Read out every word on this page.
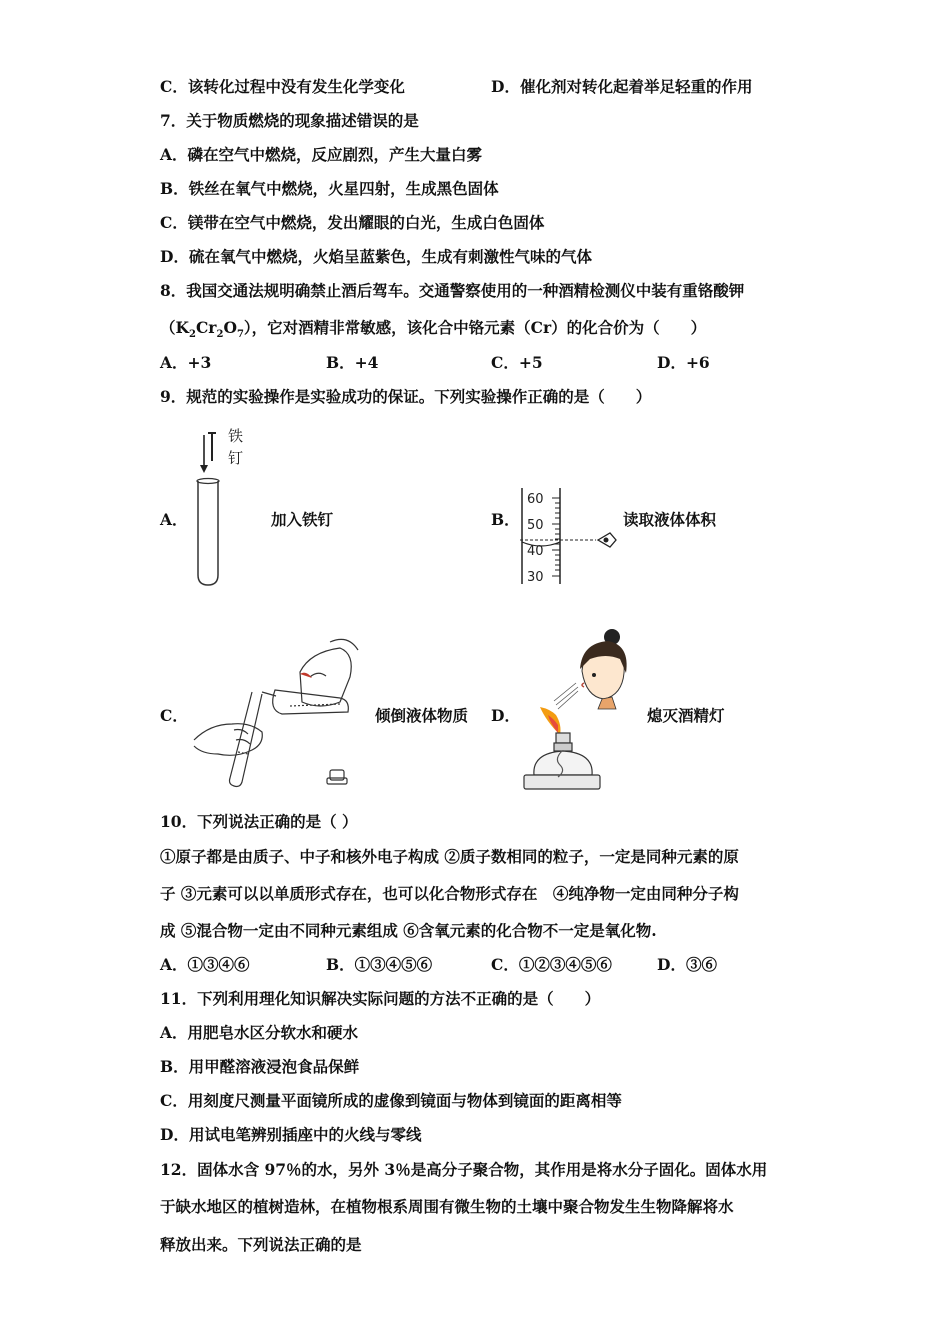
C．该转化过程中没有发生化学变化	D．催化剂对转化起着举足轻重的作用
7．关于物质燃烧的现象描述错误的是
A．磷在空气中燃烧，反应剧烈，产生大量白雾
B．铁丝在氧气中燃烧，火星四射，生成黑色固体
C．镁带在空气中燃烧，发出耀眼的白光，生成白色固体
D．硫在氧气中燃烧，火焰呈蓝紫色，生成有刺激性气味的气体
8．我国交通法规明确禁止酒后驾车。交通警察使用的一种酒精检测仪中装有重铬酸钾
$(K_2Cr_2O_7)$，它对酒精非常敏感，该化合中铬元素（Cr）的化合价为（　　）
A．+3	B．+4	C．+5	D．+6
9．规范的实验操作是实验成功的保证。下列实验操作正确的是（　　）
A．
铁
钉
加入铁钉	B．
60
50
40
30
读取液体体积
C．	倾倒液体物质 D．	熄灭酒精灯
10．下列说法正确的是（ ）
①原子都是由质子、中子和核外电子构成 ②质子数相同的粒子，一定是同种元素的原
子 ③元素可以以单质形式存在，也可以化合物形式存在　④纯净物一定由同种分子构
成 ⑤混合物一定由不同种元素组成 ⑥含氧元素的化合物不一定是氧化物.
A．①③④⑥	B．①③④⑤⑥	C．①②③④⑤⑥	D．③⑥
11．下列利用理化知识解决实际问题的方法不正确的是（　　）
A．用肥皂水区分软水和硬水
B．用甲醛溶液浸泡食品保鲜
C．用刻度尺测量平面镜所成的虚像到镜面与物体到镜面的距离相等
D．用试电笔辨别插座中的火线与零线
12．固体水含 97％的水，另外 3％是高分子聚合物，其作用是将水分子固化。固体水用
于缺水地区的植树造林，在植物根系周围有微生物的土壤中聚合物发生生物降解将水
释放出来。下列说法正确的是
